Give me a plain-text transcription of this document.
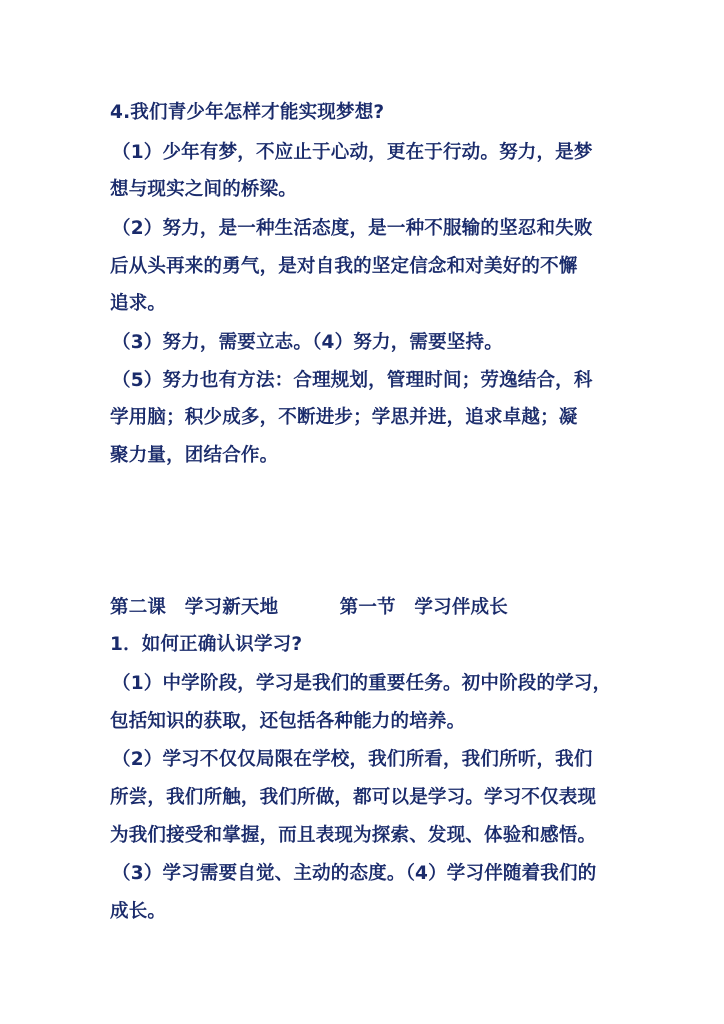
4.我们青少年怎样才能实现梦想?
（1）少年有梦，不应止于心动，更在于行动。努力，是梦
想与现实之间的桥梁。
（2）努力，是一种生活态度，是一种不服输的坚忍和失败
后从头再来的勇气，是对自我的坚定信念和对美好的不懈
追求。
（3）努力，需要立志。（4）努力，需要坚持。
（5）努力也有方法：合理规划，管理时间；劳逸结合，科
学用脑；积少成多，不断进步；学思并进，追求卓越；凝
聚力量，团结合作。
第二课　学习新天地	第一节　学习伴成长
1．如何正确认识学习?
（1）中学阶段，学习是我们的重要任务。初中阶段的学习，
包括知识的获取，还包括各种能力的培养。
（2）学习不仅仅局限在学校，我们所看，我们所听，我们
所尝，我们所触，我们所做，都可以是学习。学习不仅表现
为我们接受和掌握，而且表现为探索、发现、体验和感悟。
（3）学习需要自觉、主动的态度。（4）学习伴随着我们的
成长。
